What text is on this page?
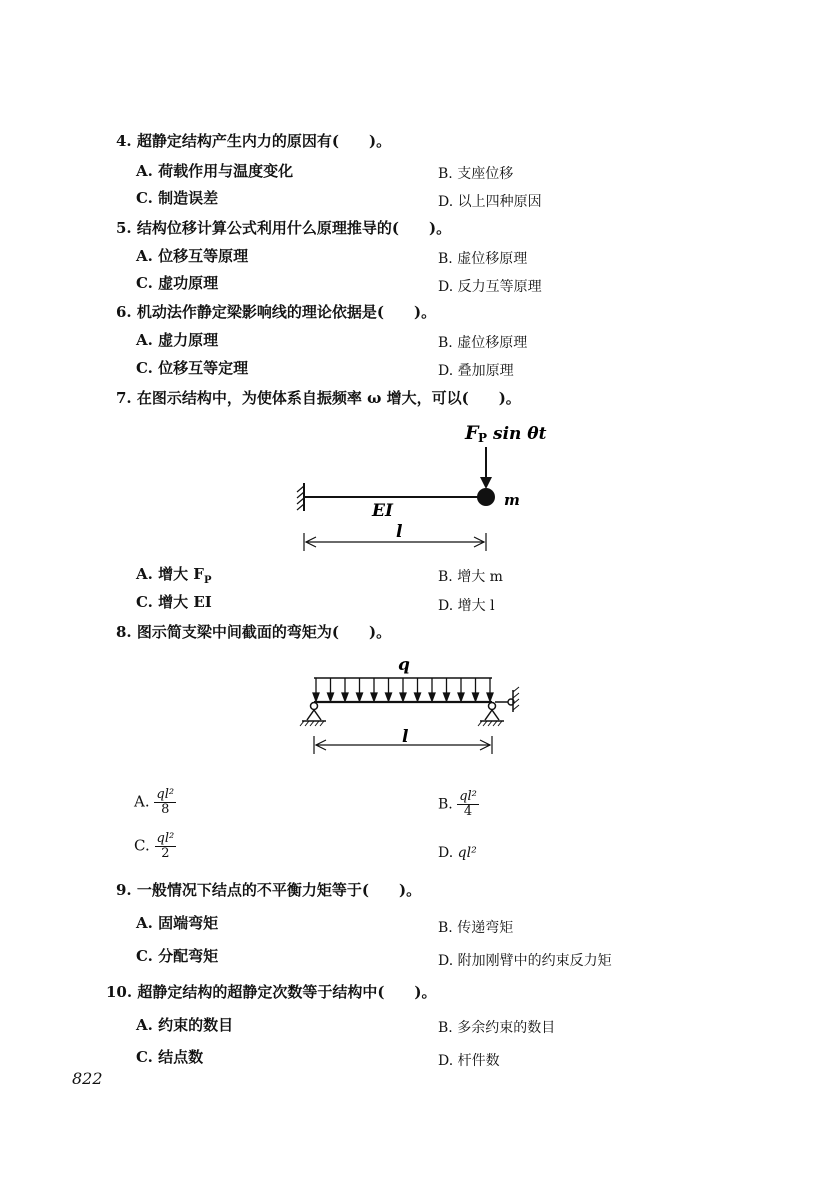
4. 超静定结构产生内力的原因有(　　)。
A. 荷载作用与温度变化	B. 支座位移
C. 制造误差	D. 以上四种原因
5. 结构位移计算公式利用什么原理推导的(　　)。
A. 位移互等原理	B. 虚位移原理
C. 虚功原理	D. 反力互等原理
6. 机动法作静定梁影响线的理论依据是(　　)。
A. 虚力原理	B. 虚位移原理
C. 位移互等定理	D. 叠加原理
7. 在图示结构中，为使体系自振频率 ω 增大，可以(　　)。
F P sin θt
m
EI
l
A. 增大 $F_P$	B. 增大 m
C. 增大 EI	D. 增大 l
8. 图示简支梁中间截面的弯矩为(　　)。
q
l
A. $\frac{\text{ql²}}{8}$	B. $\frac{\text{ql²}}{4}$
C. $\frac{\text{ql²}}{2}$	D. ql²
9. 一般情况下结点的不平衡力矩等于(　　)。
A. 固端弯矩	B. 传递弯矩
C. 分配弯矩	D. 附加刚臂中的约束反力矩
10. 超静定结构的超静定次数等于结构中(　　)。
A. 约束的数目	B. 多余约束的数目
C. 结点数	D. 杆件数
822
